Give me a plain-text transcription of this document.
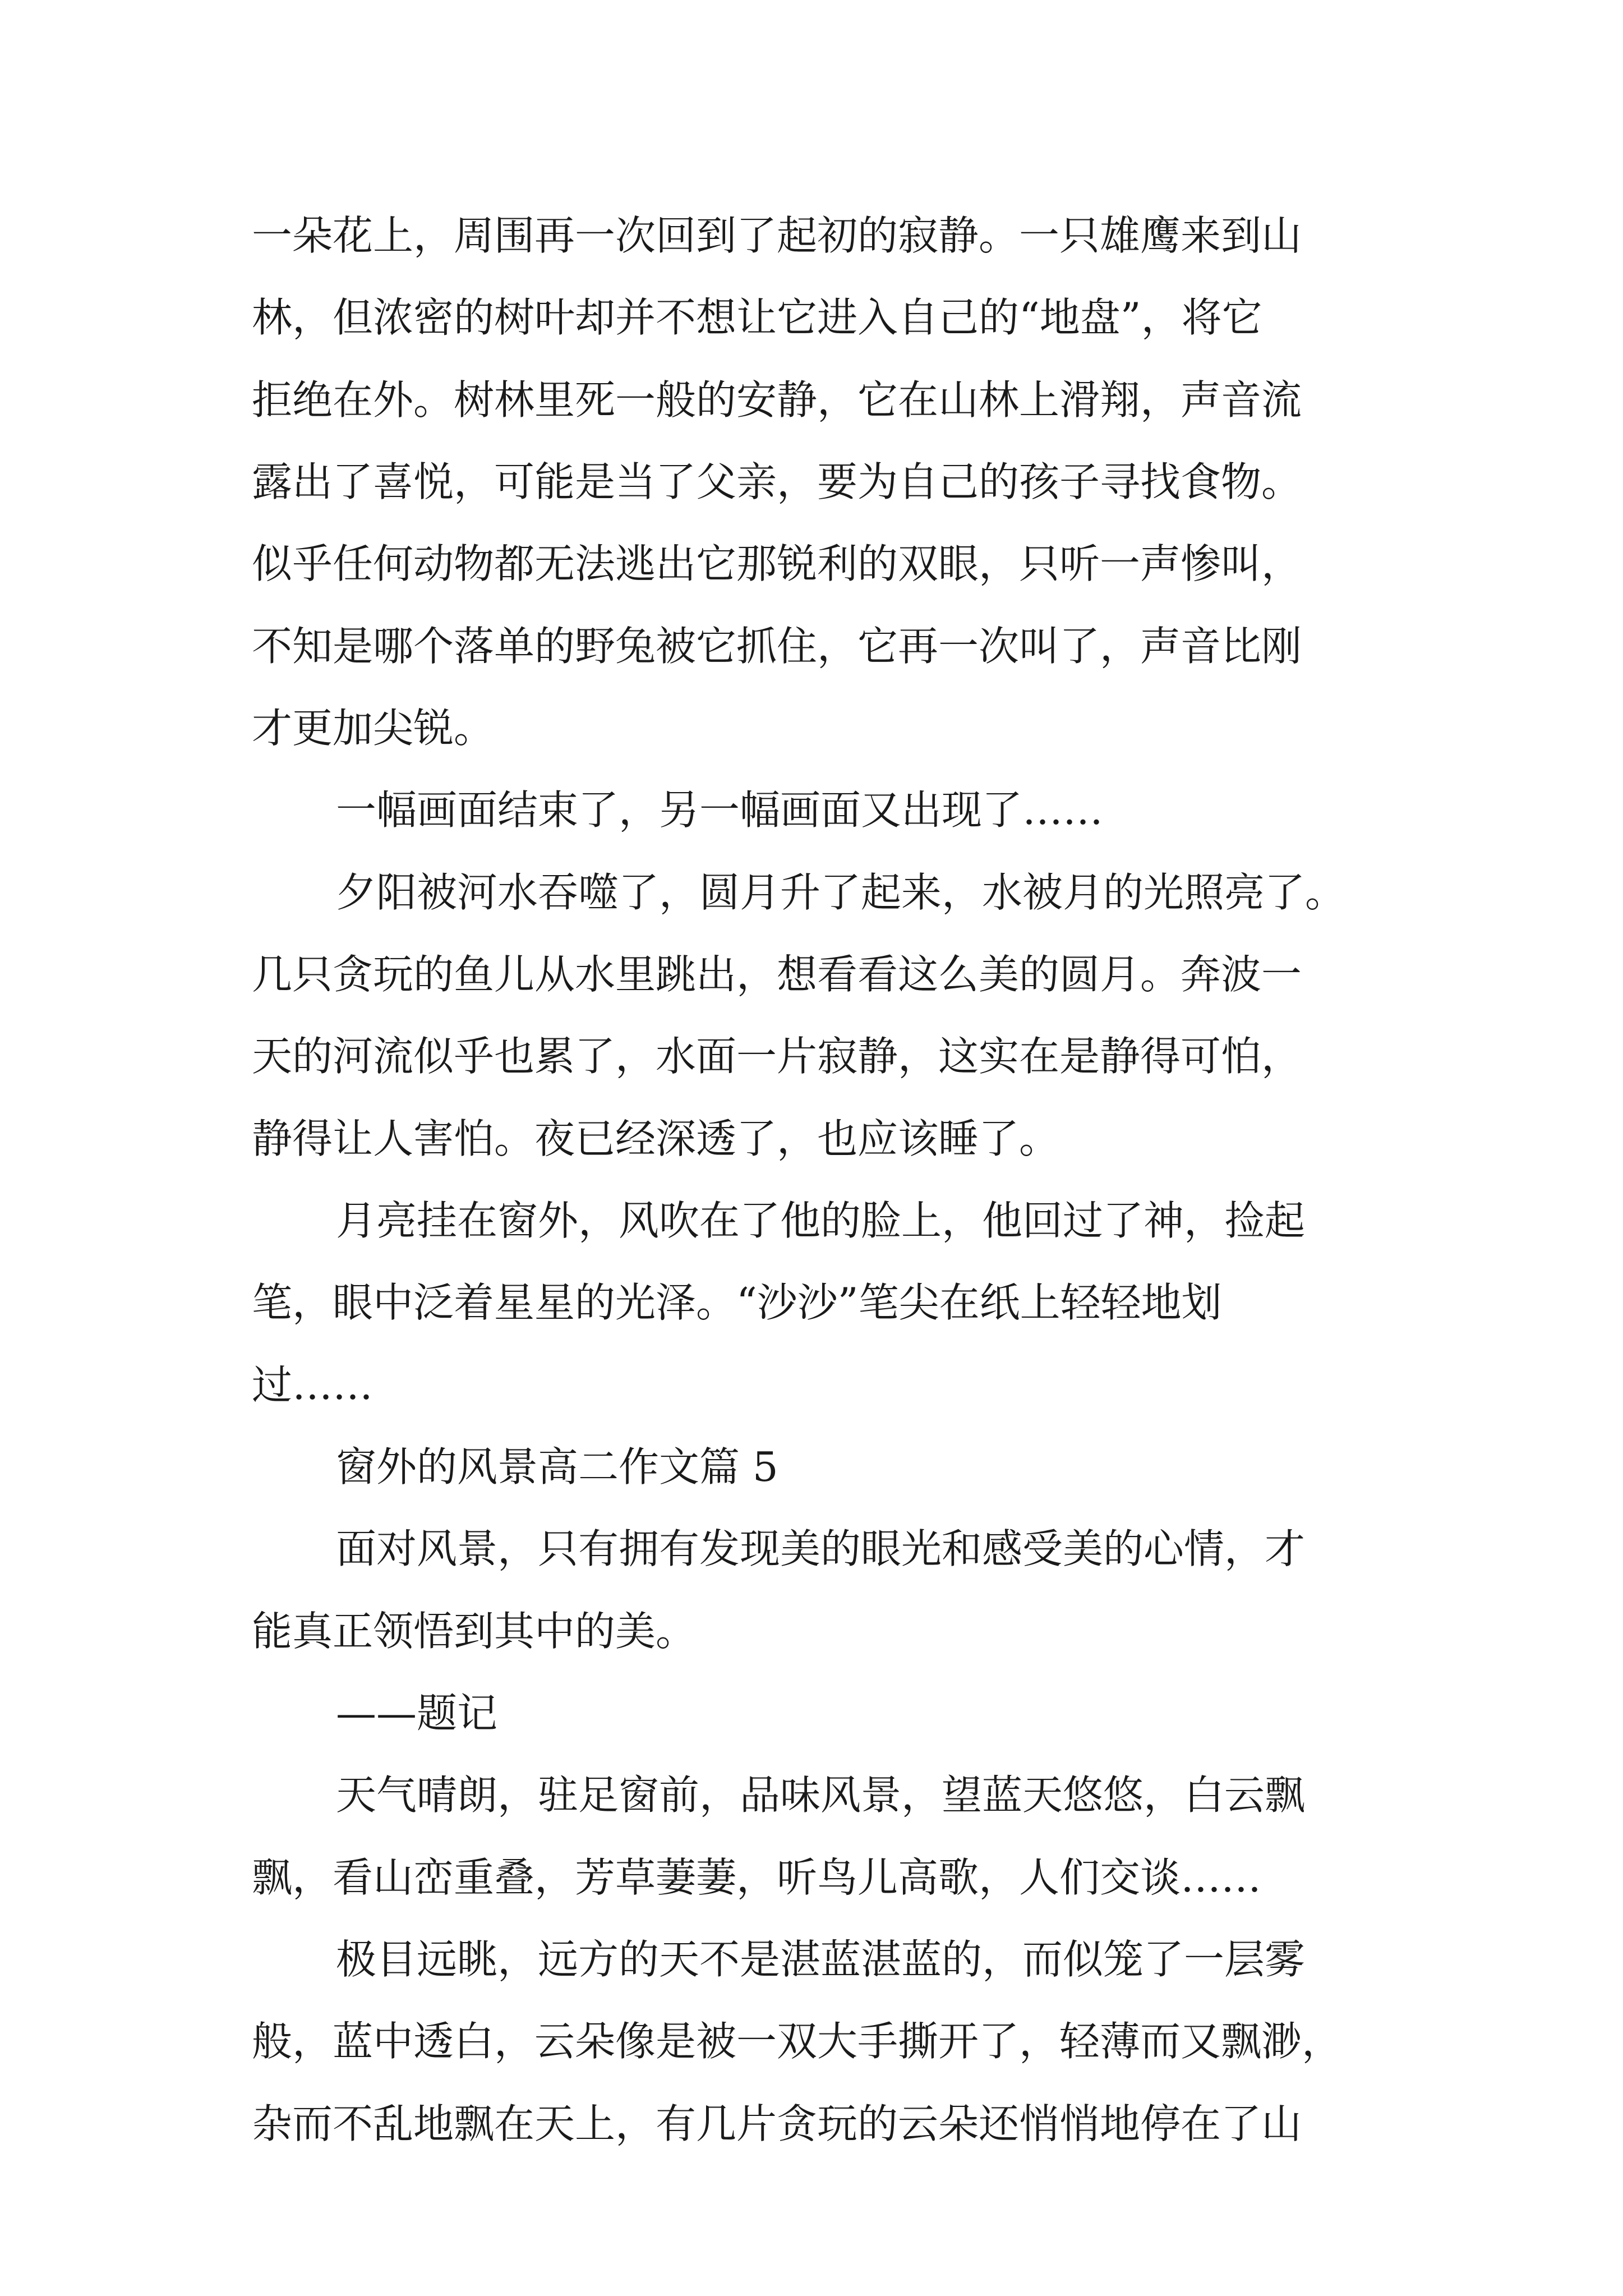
一朵花上，周围再一次回到了起初的寂静。一只雄鹰来到山
林，但浓密的树叶却并不想让它进入自己的“地盘”，将它
拒绝在外。树林里死一般的安静，它在山林上滑翔，声音流
露出了喜悦，可能是当了父亲，要为自己的孩子寻找食物。
似乎任何动物都无法逃出它那锐利的双眼，只听一声惨叫，
不知是哪个落单的野兔被它抓住，它再一次叫了，声音比刚
才更加尖锐。
一幅画面结束了，另一幅画面又出现了……
夕阳被河水吞噬了，圆月升了起来，水被月的光照亮了。
几只贪玩的鱼儿从水里跳出，想看看这么美的圆月。奔波一
天的河流似乎也累了，水面一片寂静，这实在是静得可怕，
静得让人害怕。夜已经深透了，也应该睡了。
月亮挂在窗外，风吹在了他的脸上，他回过了神，捡起
笔，眼中泛着星星的光泽。“沙沙”笔尖在纸上轻轻地划
过……
窗外的风景高二作文篇 5
面对风景，只有拥有发现美的眼光和感受美的心情，才
能真正领悟到其中的美。
——题记
天气晴朗，驻足窗前，品味风景，望蓝天悠悠，白云飘
飘，看山峦重叠，芳草萋萋，听鸟儿高歌，人们交谈……
极目远眺，远方的天不是湛蓝湛蓝的，而似笼了一层雾
般，蓝中透白，云朵像是被一双大手撕开了，轻薄而又飘渺，
杂而不乱地飘在天上，有几片贪玩的云朵还悄悄地停在了山
